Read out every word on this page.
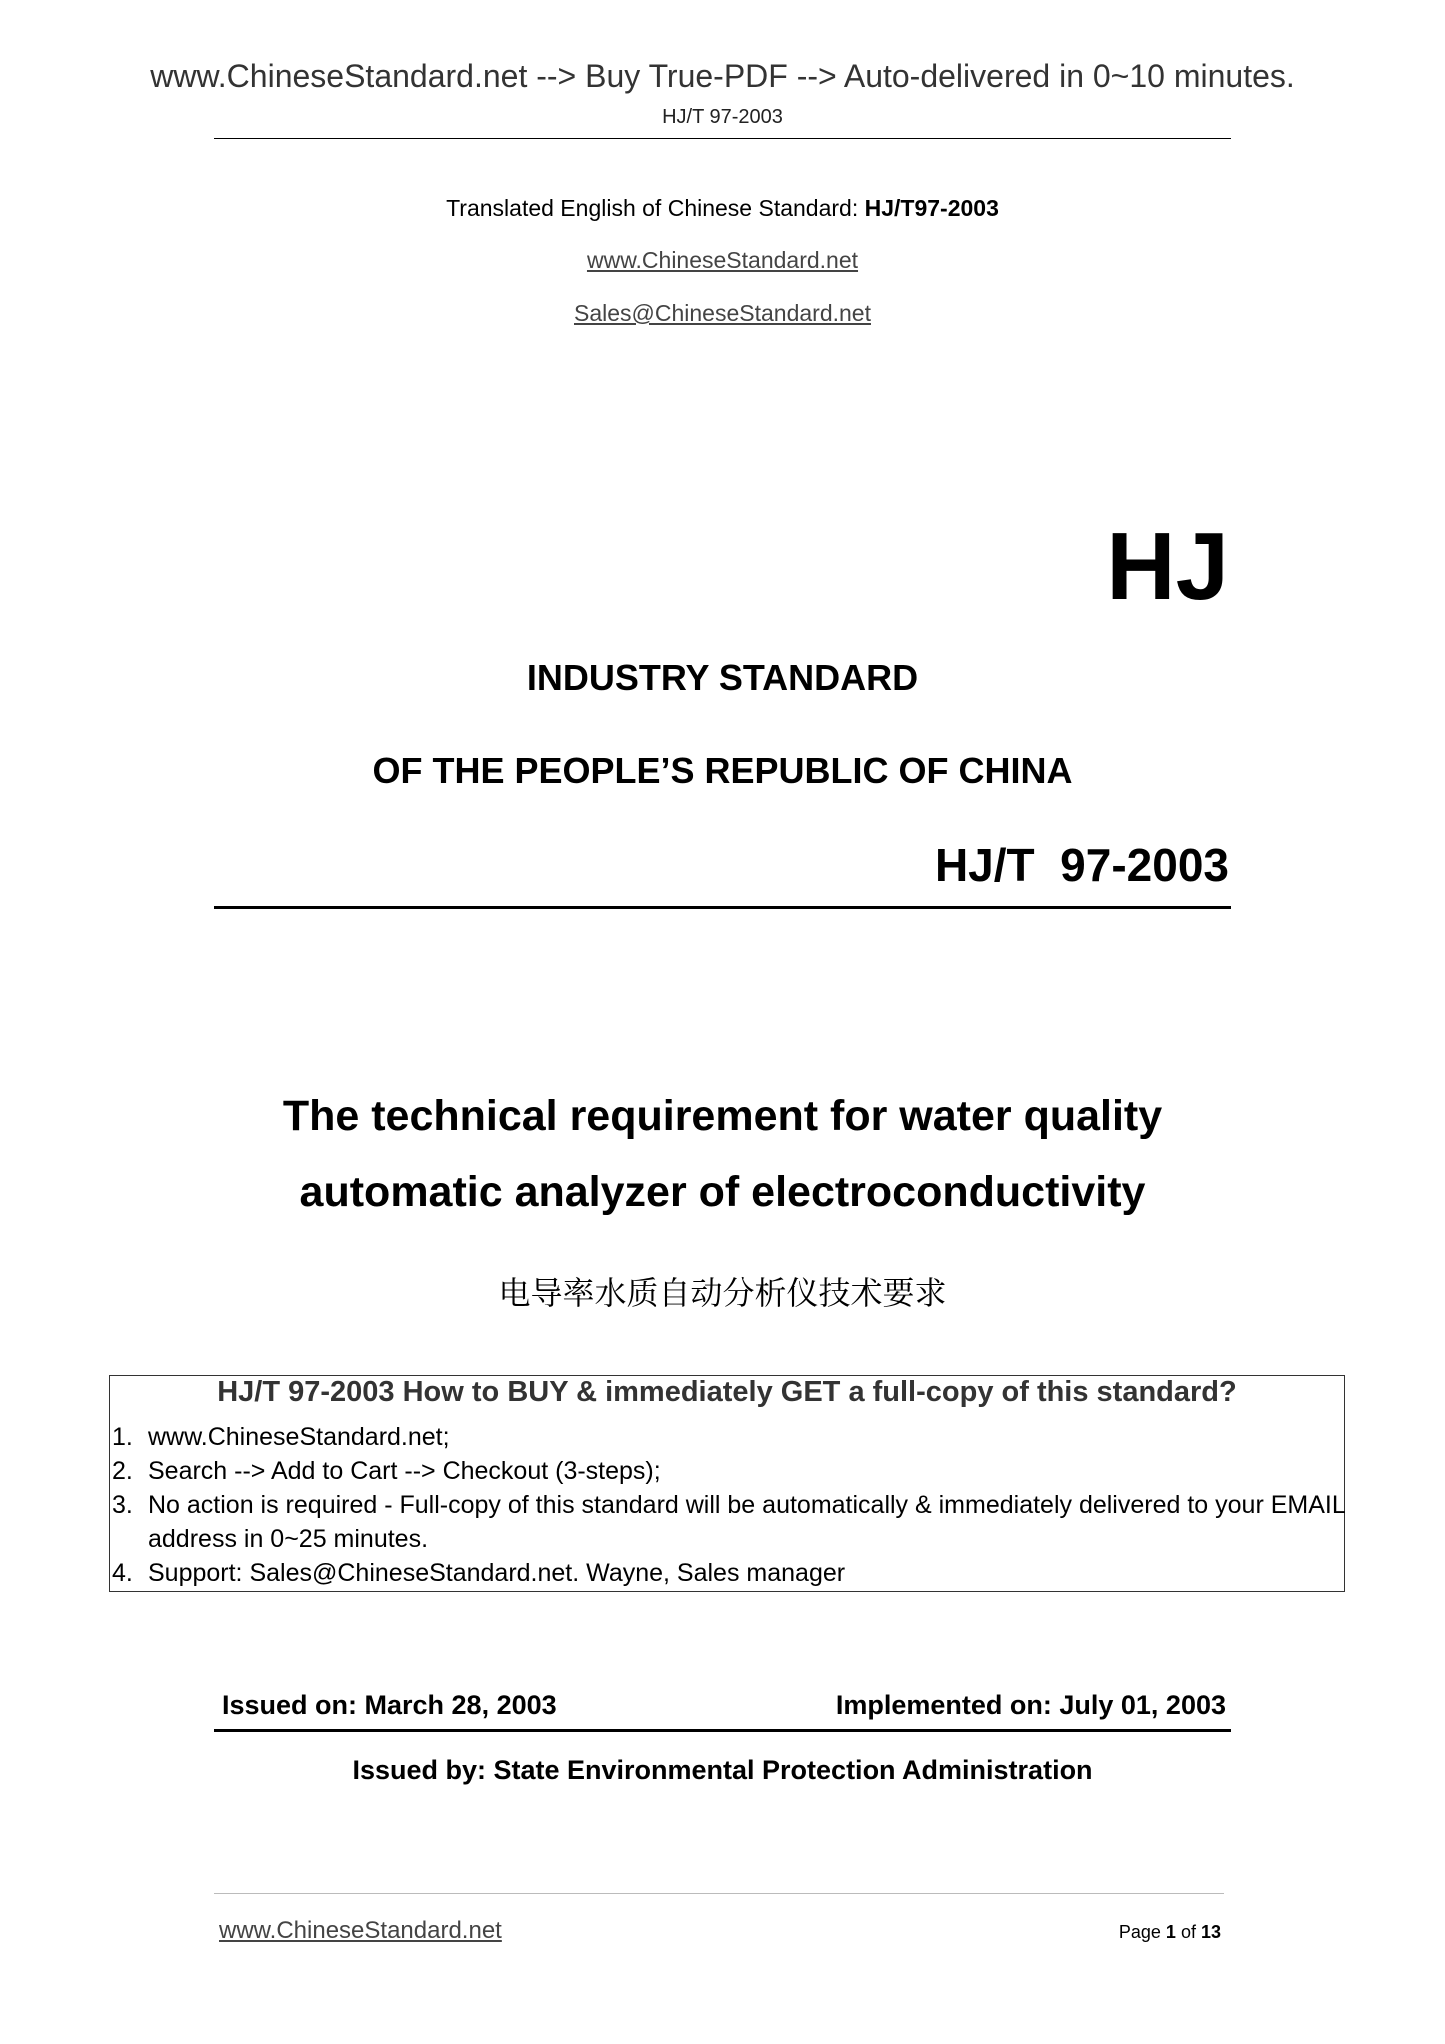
www.ChineseStandard.net --> Buy True-PDF --> Auto-delivered in 0~10 minutes.
HJ/T 97-2003
Translated English of Chinese Standard: HJ/T97-2003
www.ChineseStandard.net
Sales@ChineseStandard.net
HJ
INDUSTRY STANDARD
OF THE PEOPLE’S REPUBLIC OF CHINA
HJ/T  97-2003
The technical requirement for water quality
automatic analyzer of electroconductivity
电导率水质自动分析仪技术要求
HJ/T 97-2003 How to BUY & immediately GET a full-copy of this standard?
1. www.ChineseStandard.net;
2. Search --> Add to Cart --> Checkout (3-steps);
3. No action is required - Full-copy of this standard will be automatically & immediately delivered to your EMAIL address in 0~25 minutes.
4. Support: Sales@ChineseStandard.net. Wayne, Sales manager
Issued on: March 28, 2003	Implemented on: July 01, 2003
Issued by: State Environmental Protection Administration
www.ChineseStandard.net	Page 1 of 13
